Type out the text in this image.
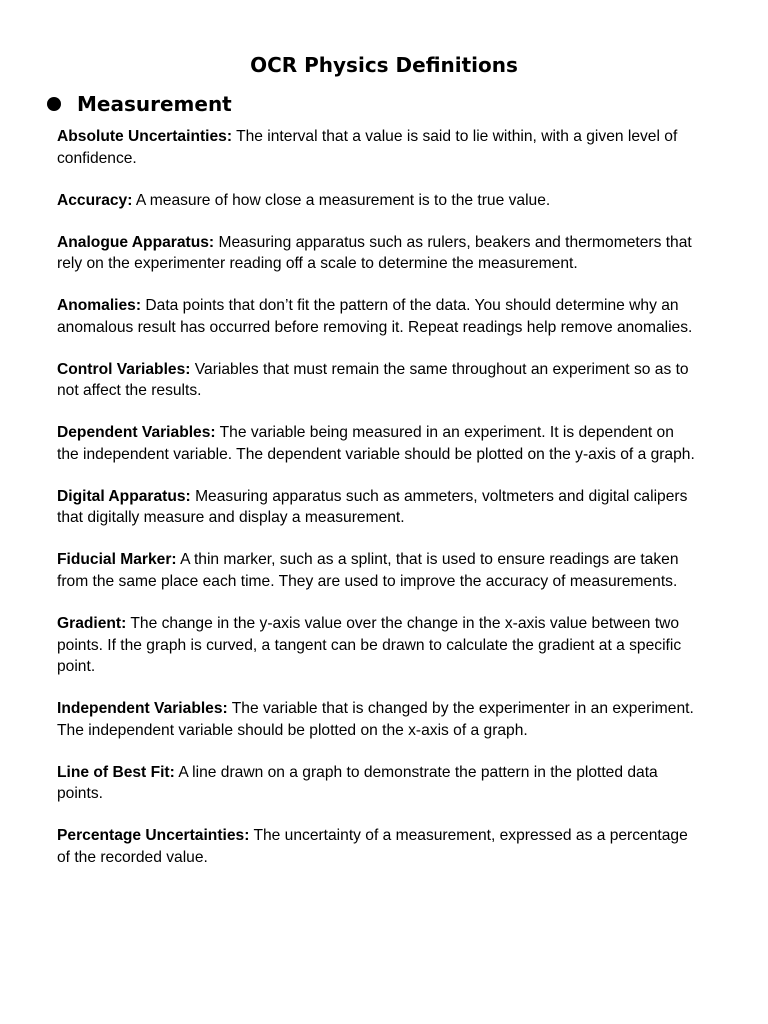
OCR Physics Definitions
Measurement

Absolute Uncertainties: The interval that a value is said to lie within, with a given level of confidence.

Accuracy: A measure of how close a measurement is to the true value.

Analogue Apparatus: Measuring apparatus such as rulers, beakers and thermometers that rely on the experimenter reading off a scale to determine the measurement.

Anomalies: Data points that don’t fit the pattern of the data. You should determine why an anomalous result has occurred before removing it. Repeat readings help remove anomalies.

Control Variables: Variables that must remain the same throughout an experiment so as to not affect the results.

Dependent Variables: The variable being measured in an experiment. It is dependent on the independent variable. The dependent variable should be plotted on the y-axis of a graph.

Digital Apparatus: Measuring apparatus such as ammeters, voltmeters and digital calipers that digitally measure and display a measurement.

Fiducial Marker: A thin marker, such as a splint, that is used to ensure readings are taken from the same place each time. They are used to improve the accuracy of measurements.

Gradient: The change in the y-axis value over the change in the x-axis value between two points. If the graph is curved, a tangent can be drawn to calculate the gradient at a specific point.

Independent Variables: The variable that is changed by the experimenter in an experiment. The independent variable should be plotted on the x-axis of a graph.

Line of Best Fit: A line drawn on a graph to demonstrate the pattern in the plotted data points.

Percentage Uncertainties: The uncertainty of a measurement, expressed as a percentage of the recorded value.
